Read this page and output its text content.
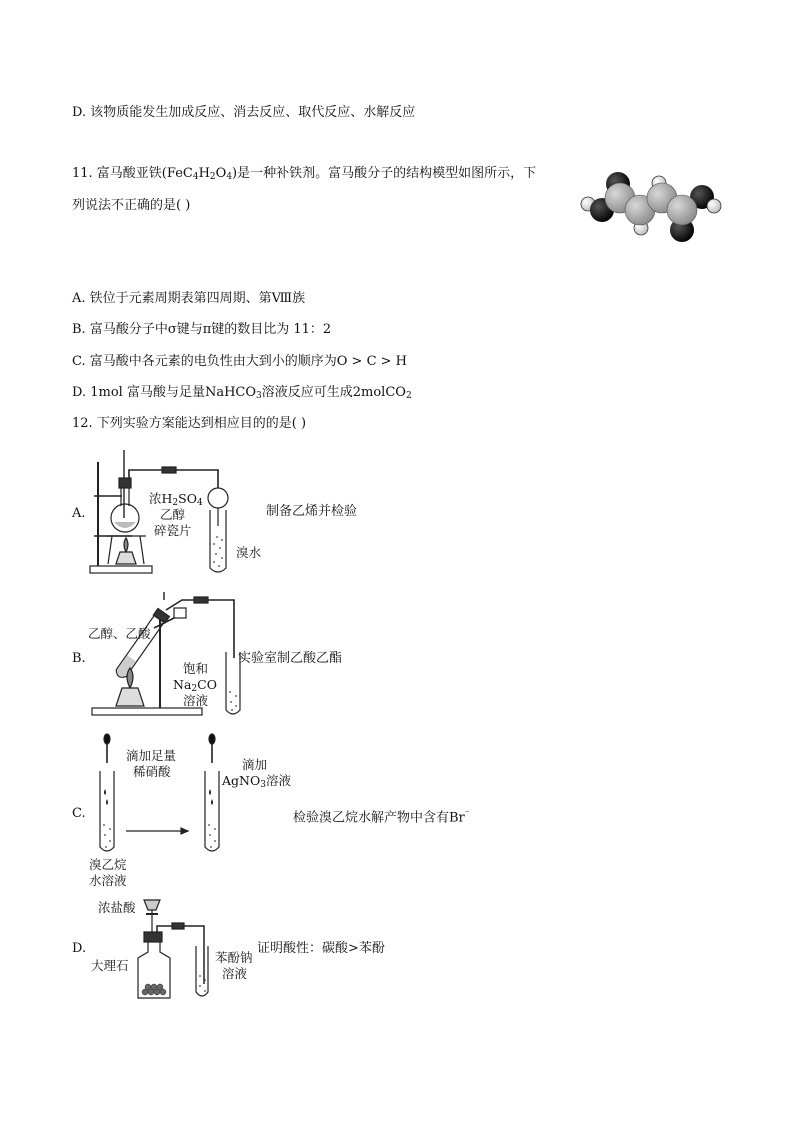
D. 该物质能发生加成反应、消去反应、取代反应、水解反应
11. 富马酸亚铁$(FeC_4H_2O_4)$是一种补铁剂。富马酸分子的结构模型如图所示，下
列说法不正确的是( )
A. 铁位于元素周期表第四周期、第Ⅷ族
B. 富马酸分子中σ键与π键的数目比为 11：2
C. 富马酸中各元素的电负性由大到小的顺序为O > C > H
D. 1mol 富马酸与足量NaHCO$_3$溶液反应可生成2molCO$_2$
12. 下列实验方案能达到相应目的的是( )
A.
浓$H_2SO_4$
乙醇
碎瓷片
溴水
制备乙烯并检验
B.
乙醇、乙酸
饱和
$Na_2CO$
溶液
实验室制乙酸乙酯
C.
滴加足量
稀硝酸	滴加
AgNO$_3$溶液
溴乙烷
水溶液
检验溴乙烷水解产物中含有Br⁻
D.
浓盐酸
大理石
苯酚钠
溶液
证明酸性：碳酸>苯酚
